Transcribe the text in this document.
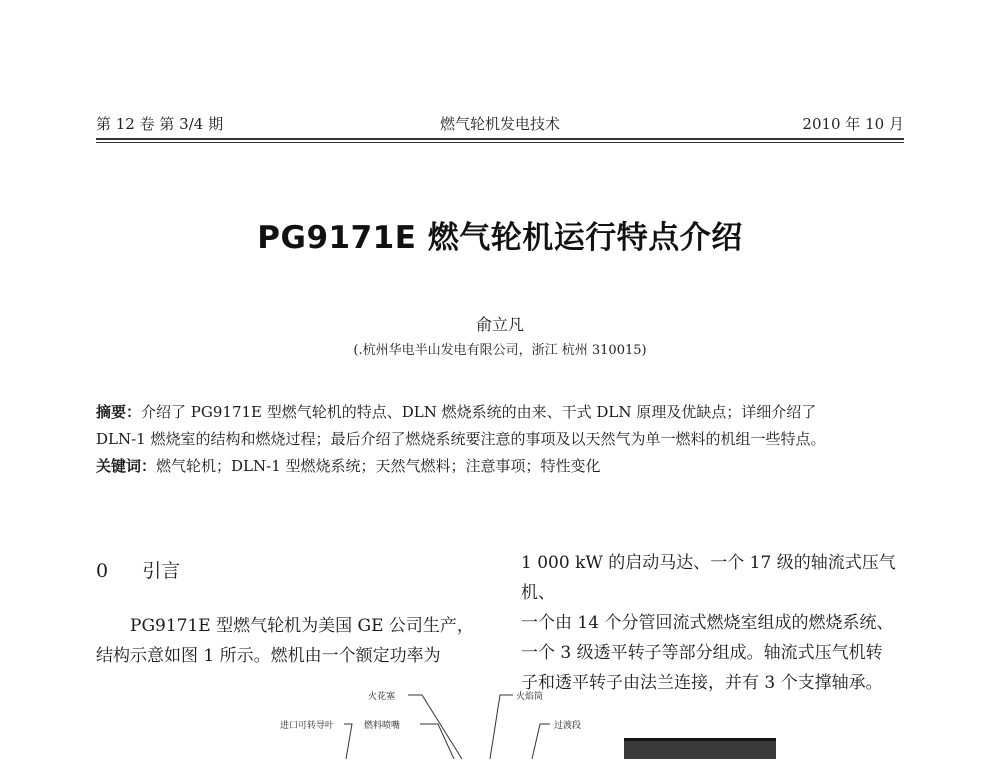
第 12 卷 第 3/4 期	燃气轮机发电技术	2010 年 10 月
PG9171E 燃气轮机运行特点介绍
俞立凡
(.杭州华电半山发电有限公司，浙江 杭州 310015)
摘要：介绍了 PG9171E 型燃气轮机的特点、DLN 燃烧系统的由来、干式 DLN 原理及优缺点；详细介绍了
DLN-1 燃烧室的结构和燃烧过程；最后介绍了燃烧系统要注意的事项及以天然气为单一燃料的机组一些特点。
关键词：燃气轮机；DLN-1 型燃烧系统；天然气燃料；注意事项；特性变化
0 引言

PG9171E 型燃气轮机为美国 GE 公司生产，

结构示意如图 1 所示。燃机由一个额定功率为

1 000 kW 的启动马达、一个 17 级的轴流式压气机、

一个由 14 个分管回流式燃烧室组成的燃烧系统、

一个 3 级透平转子等部分组成。轴流式压气机转

子和透平转子由法兰连接，并有 3 个支撑轴承。

火花塞	火焰筒
进口可转导叶	燃料喷嘴	过渡段
